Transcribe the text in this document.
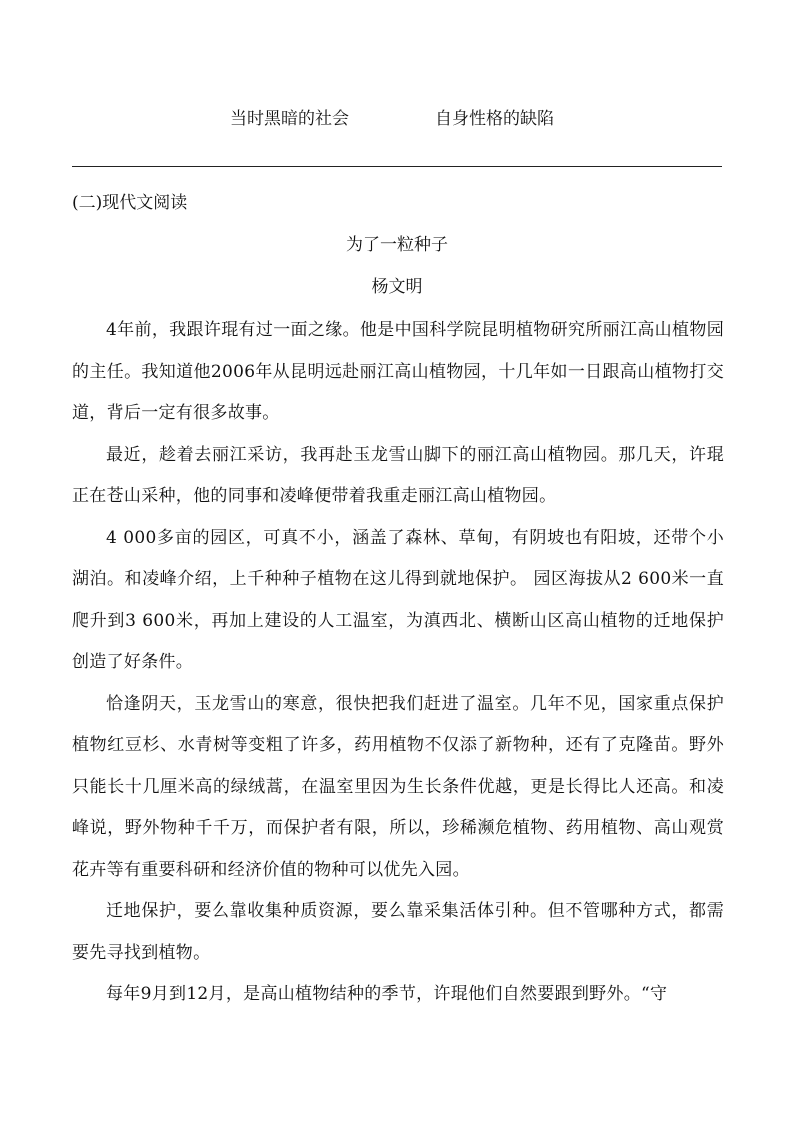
当时黑暗的社会	自身性格的缺陷
(二)现代文阅读
为了一粒种子
杨文明

4年前，我跟许琨有过一面之缘。他是中国科学院昆明植物研究所丽江高山植物园的主任。我知道他2006年从昆明远赴丽江高山植物园，十几年如一日跟高山植物打交道，背后一定有很多故事。

最近，趁着去丽江采访，我再赴玉龙雪山脚下的丽江高山植物园。那几天，许琨正在苍山采种，他的同事和凌峰便带着我重走丽江高山植物园。

4 000多亩的园区，可真不小，涵盖了森林、草甸，有阴坡也有阳坡，还带个小湖泊。和凌峰介绍，上千种种子植物在这儿得到就地保护。 园区海拔从2 600米一直爬升到3 600米，再加上建设的人工温室，为滇西北、横断山区高山植物的迁地保护创造了好条件。

恰逢阴天，玉龙雪山的寒意，很快把我们赶进了温室。几年不见，国家重点保护植物红豆杉、水青树等变粗了许多，药用植物不仅添了新物种，还有了克隆苗。野外只能长十几厘米高的绿绒蒿，在温室里因为生长条件优越，更是长得比人还高。和凌峰说，野外物种千千万，而保护者有限，所以，珍稀濒危植物、药用植物、高山观赏花卉等有重要科研和经济价值的物种可以优先入园。

迁地保护，要么靠收集种质资源，要么靠采集活体引种。但不管哪种方式，都需要先寻找到植物。

每年9月到12月，是高山植物结种的季节，许琨他们自然要跟到野外。“守
